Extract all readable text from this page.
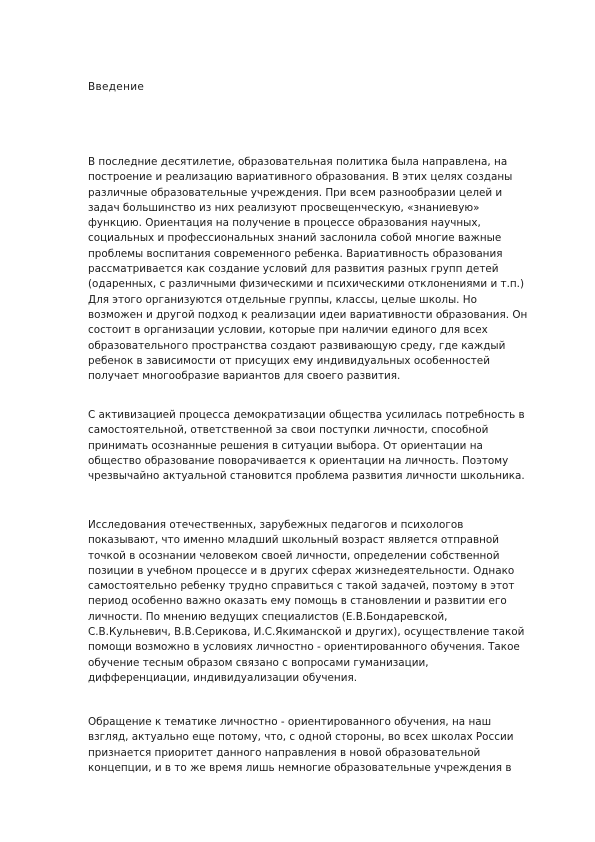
Введение
В последние десятилетие, образовательная политика была направлена, на
построение и реализацию вариативного образования. В этих целях созданы
различные образовательные учреждения. При всем разнообразии целей и
задач большинство из них реализуют просвещенческую, «знаниевую»
функцию. Ориентация на получение в процессе образования научных,
социальных и профессиональных знаний заслонила собой многие важные
проблемы воспитания современного ребенка. Вариативность образования
рассматривается как создание условий для развития разных групп детей
(одаренных, с различными физическими и психическими отклонениями и т.п.)
Для этого организуются отдельные группы, классы, целые школы. Но
возможен и другой подход к реализации идеи вариативности образования. Он
состоит в организации условии, которые при наличии единого для всех
образовательного пространства создают развивающую среду, где каждый
ребенок в зависимости от присущих ему индивидуальных особенностей
получает многообразие вариантов для своего развития.
С активизацией процесса демократизации общества усилилась потребность в
самостоятельной, ответственной за свои поступки личности, способной
принимать осознанные решения в ситуации выбора. От ориентации на
общество образование поворачивается к ориентации на личность. Поэтому
чрезвычайно актуальной становится проблема развития личности школьника.
Исследования отечественных, зарубежных педагогов и психологов
показывают, что именно младший школьный возраст является отправной
точкой в осознании человеком своей личности, определении собственной
позиции в учебном процессе и в других сферах жизнедеятельности. Однако
самостоятельно ребенку трудно справиться с такой задачей, поэтому в этот
период особенно важно оказать ему помощь в становлении и развитии его
личности. По мнению ведущих специалистов (Е.В.Бондаревской,
С.В.Кульневич, В.В.Серикова, И.С.Якиманской и других), осуществление такой
помощи возможно в условиях личностно - ориентированного обучения. Такое
обучение тесным образом связано с вопросами гуманизации,
дифференциации, индивидуализации обучения.
Обращение к тематике личностно - ориентированного обучения, на наш
взгляд, актуально еще потому, что, с одной стороны, во всех школах России
признается приоритет данного направления в новой образовательной
концепции, и в то же время лишь немногие образовательные учреждения в
